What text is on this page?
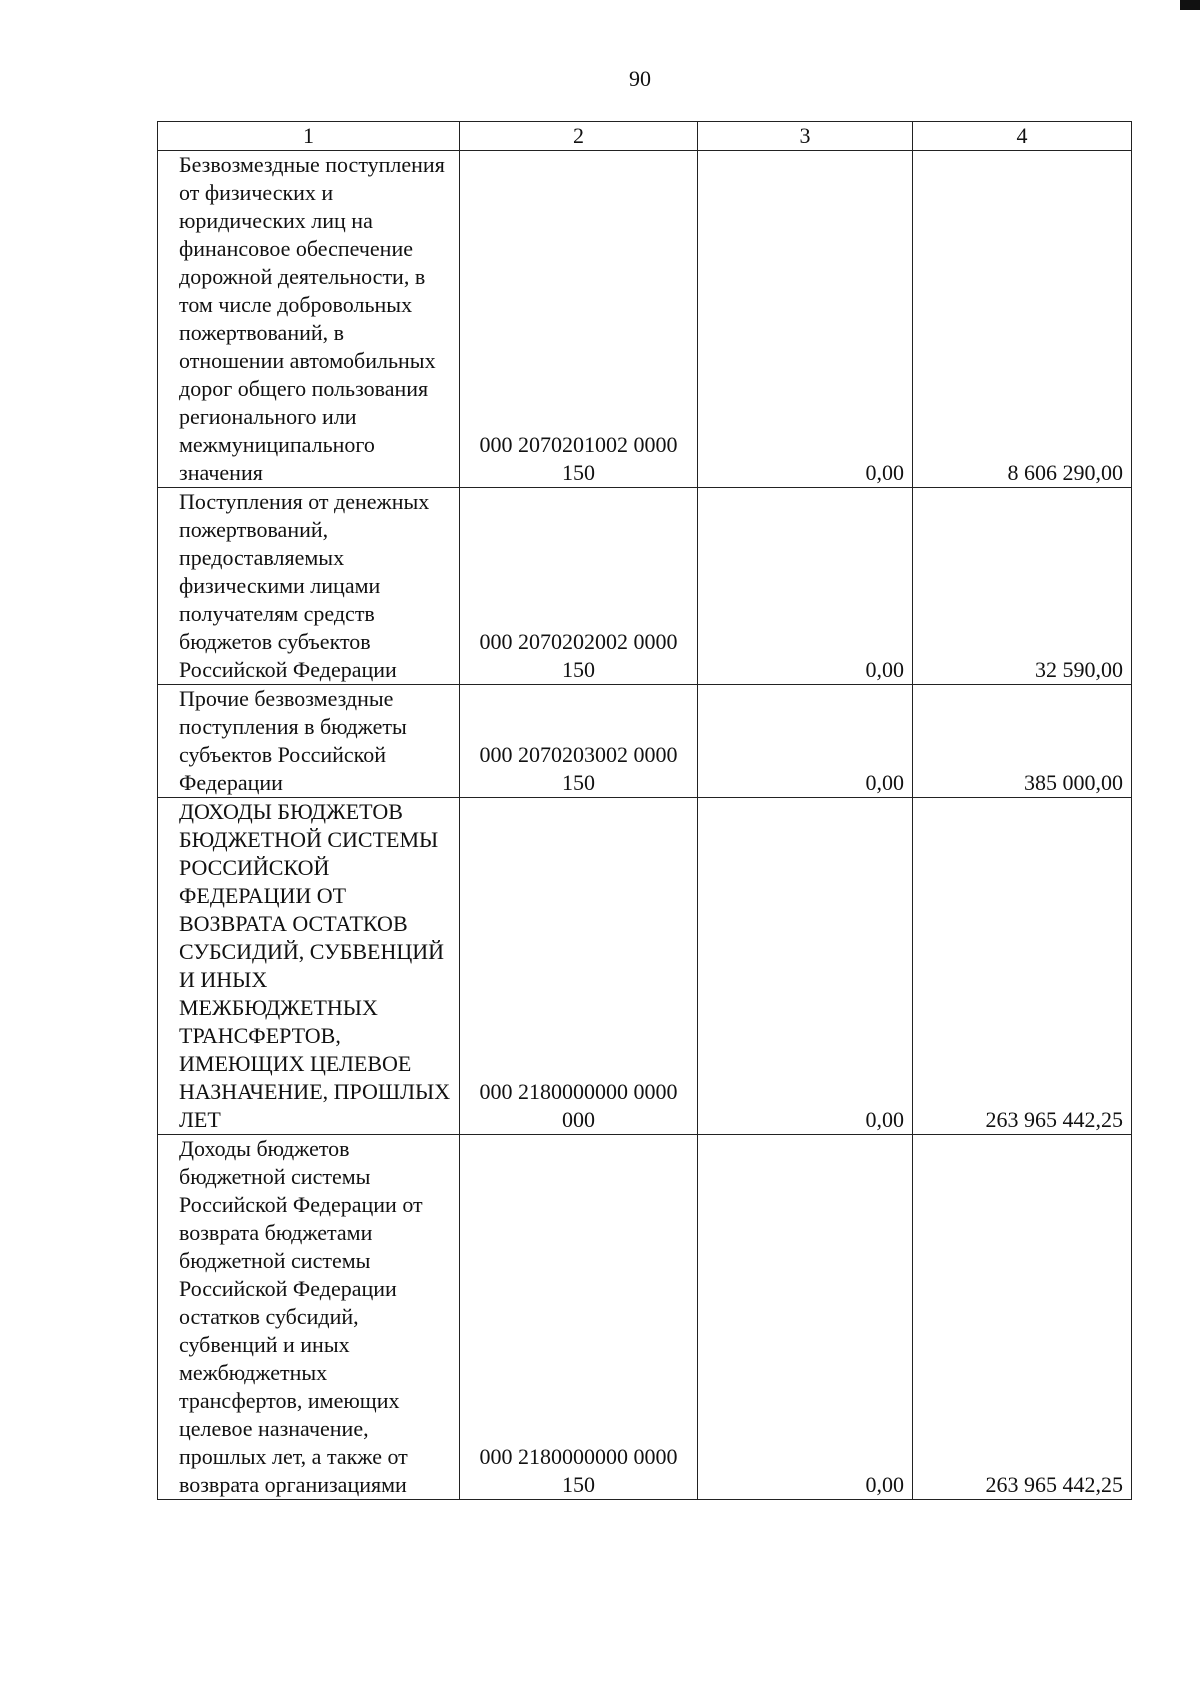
90
1	2	3	4

Безвозмездные поступления от физических и юридических лиц на финансовое обеспечение дорожной деятельности, в том числе добровольных пожертвований, в отношении автомобильных дорог общего пользования регионального или межмуниципального значения	000 2070201002 0000 150	0,00	8 606 290,00

Поступления от денежных пожертвований, предоставляемых физическими лицами получателям средств бюджетов субъектов Российской Федерации	000 2070202002 0000 150	0,00	32 590,00

Прочие безвозмездные поступления в бюджеты субъектов Российской Федерации	000 2070203002 0000 150	0,00	385 000,00

ДОХОДЫ БЮДЖЕТОВ БЮДЖЕТНОЙ СИСТЕМЫ РОССИЙСКОЙ ФЕДЕРАЦИИ ОТ ВОЗВРАТА ОСТАТКОВ СУБСИДИЙ, СУБВЕНЦИЙ И ИНЫХ МЕЖБЮДЖЕТНЫХ ТРАНСФЕРТОВ, ИМЕЮЩИХ ЦЕЛЕВОЕ НАЗНАЧЕНИЕ, ПРОШЛЫХ ЛЕТ	000 2180000000 0000 000	0,00	263 965 442,25

Доходы бюджетов бюджетной системы Российской Федерации от возврата бюджетами бюджетной системы Российской Федерации остатков субсидий, субвенций и иных межбюджетных трансфертов, имеющих целевое назначение, прошлых лет, а также от возврата организациями	000 2180000000 0000 150	0,00	263 965 442,25
